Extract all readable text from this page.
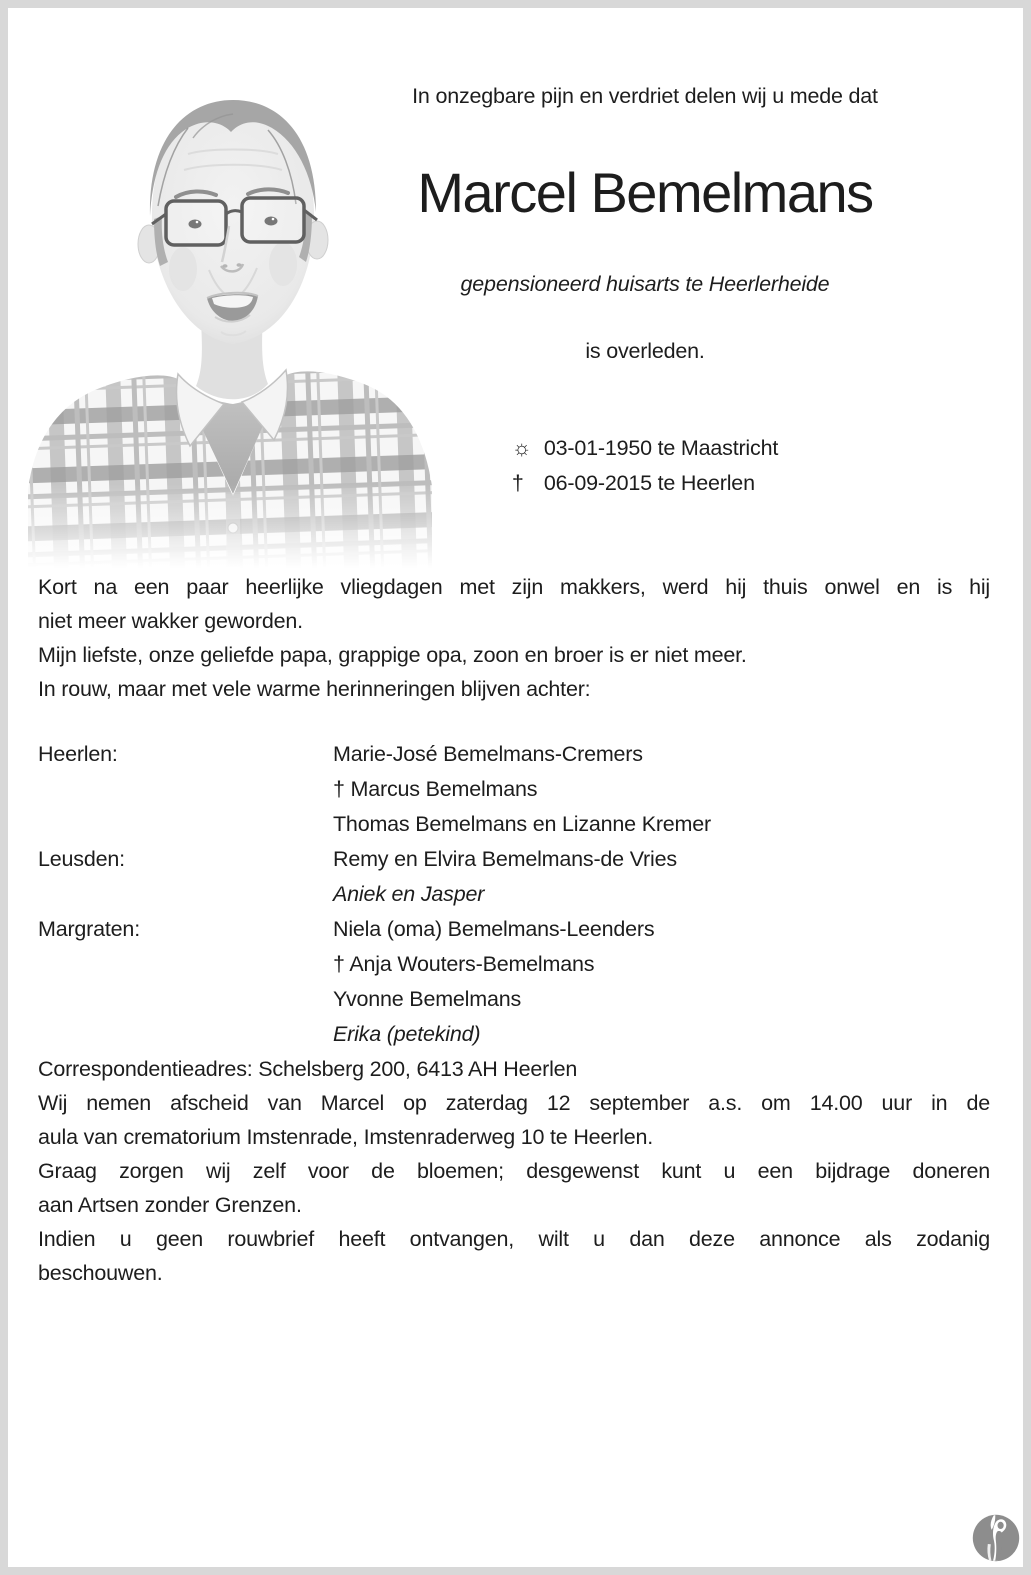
In onzegbare pijn en verdriet delen wij u mede dat
Marcel Bemelmans
gepensioneerd huisarts te Heerlerheide
is overleden.
☼ 03-01-1950 te Maastricht
† 06-09-2015 te Heerlen

Kort na een paar heerlijke vliegdagen met zijn makkers, werd hij thuis onwel en is hij
niet meer wakker geworden.

Mijn liefste, onze geliefde papa, grappige opa, zoon en broer is er niet meer.

In rouw, maar met vele warme herinneringen blijven achter:

Heerlen:	Marie-José Bemelmans-Cremers
† Marcus Bemelmans
Thomas Bemelmans en Lizanne Kremer
Leusden:	Remy en Elvira Bemelmans-de Vries
Aniek en Jasper
Margraten:	Niela (oma) Bemelmans-Leenders
† Anja Wouters-Bemelmans
Yvonne Bemelmans
Erika (petekind)

Correspondentieadres: Schelsberg 200, 6413 AH Heerlen

Wij nemen afscheid van Marcel op zaterdag 12 september a.s. om 14.00 uur in de
aula van crematorium Imstenrade, Imstenraderweg 10 te Heerlen.

Graag zorgen wij zelf voor de bloemen; desgewenst kunt u een bijdrage doneren
aan Artsen zonder Grenzen.

Indien u geen rouwbrief heeft ontvangen, wilt u dan deze annonce als zodanig
beschouwen.
